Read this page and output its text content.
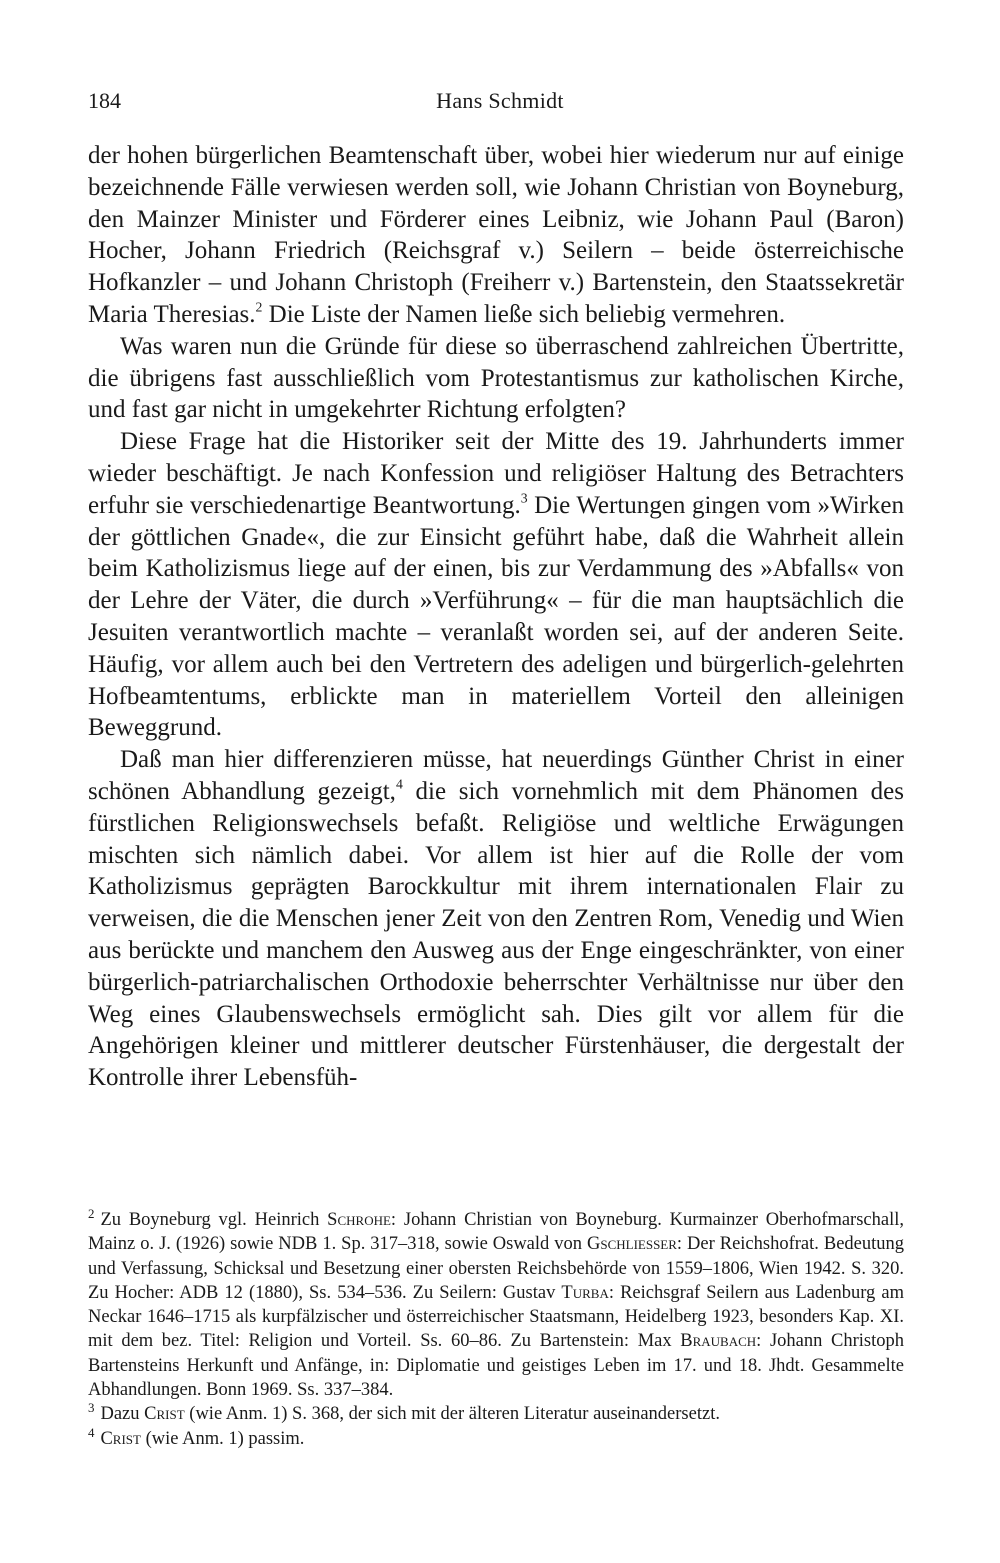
184	Hans Schmidt

der hohen bürgerlichen Beamtenschaft über, wobei hier wiederum nur auf einige bezeichnende Fälle verwiesen werden soll, wie Johann Christian von Boyneburg, den Mainzer Minister und Förderer eines Leibniz, wie Johann Paul (Baron) Hocher, Johann Friedrich (Reichsgraf v.) Seilern – beide österreichische Hofkanzler – und Johann Christoph (Freiherr v.) Bartenstein, den Staatssekretär Maria Theresias.$^2$ Die Liste der Namen ließe sich beliebig vermehren.

Was waren nun die Gründe für diese so überraschend zahlreichen Übertritte, die übrigens fast ausschließlich vom Protestantismus zur katholischen Kirche, und fast gar nicht in umgekehrter Richtung erfolgten?

Diese Frage hat die Historiker seit der Mitte des 19. Jahrhunderts immer wieder beschäftigt. Je nach Konfession und religiöser Haltung des Betrachters erfuhr sie verschiedenartige Beantwortung.$^3$ Die Wertungen gingen vom »Wirken der göttlichen Gnade«, die zur Einsicht geführt habe, daß die Wahrheit allein beim Katholizismus liege auf der einen, bis zur Verdammung des »Abfalls« von der Lehre der Väter, die durch »Verführung« – für die man hauptsächlich die Jesuiten verantwortlich machte – veranlaßt worden sei, auf der anderen Seite. Häufig, vor allem auch bei den Vertretern des adeligen und bürgerlich-gelehrten Hofbeamtentums, erblickte man in materiellem Vorteil den alleinigen Beweggrund.

Daß man hier differenzieren müsse, hat neuerdings Günther Christ in einer schönen Abhandlung gezeigt,$^4$ die sich vornehmlich mit dem Phänomen des fürstlichen Religionswechsels befaßt. Religiöse und weltliche Erwägungen mischten sich nämlich dabei. Vor allem ist hier auf die Rolle der vom Katholizismus geprägten Barockkultur mit ihrem internationalen Flair zu verweisen, die die Menschen jener Zeit von den Zentren Rom, Venedig und Wien aus berückte und manchem den Ausweg aus der Enge eingeschränkter, von einer bürgerlich-patriarchalischen Orthodoxie beherrschter Verhältnisse nur über den Weg eines Glaubenswechsels ermöglicht sah. Dies gilt vor allem für die Angehörigen kleiner und mittlerer deutscher Fürstenhäuser, die dergestalt der Kontrolle ihrer Lebensfüh-

$^2$ Zu Boyneburg vgl. Heinrich Schrohe: Johann Christian von Boyneburg. Kurmainzer Oberhofmarschall, Mainz o. J. (1926) sowie NDB 1. Sp. 317–318, sowie Oswald von Gschliesser: Der Reichshofrat. Bedeutung und Verfassung, Schicksal und Besetzung einer obersten Reichsbehörde von 1559–1806, Wien 1942. S. 320. Zu Hocher: ADB 12 (1880), Ss. 534–536. Zu Seilern: Gustav Turba: Reichsgraf Seilern aus Ladenburg am Neckar 1646–1715 als kurpfälzischer und österreichischer Staatsmann, Heidelberg 1923, besonders Kap. XI. mit dem bez. Titel: Religion und Vorteil. Ss. 60–86. Zu Bartenstein: Max Braubach: Johann Christoph Bartensteins Herkunft und Anfänge, in: Diplomatie und geistiges Leben im 17. und 18. Jhdt. Gesammelte Abhandlungen. Bonn 1969. Ss. 337–384.

$^3$ Dazu Crist (wie Anm. 1) S. 368, der sich mit der älteren Literatur auseinandersetzt.

$^4$ Crist (wie Anm. 1) passim.
